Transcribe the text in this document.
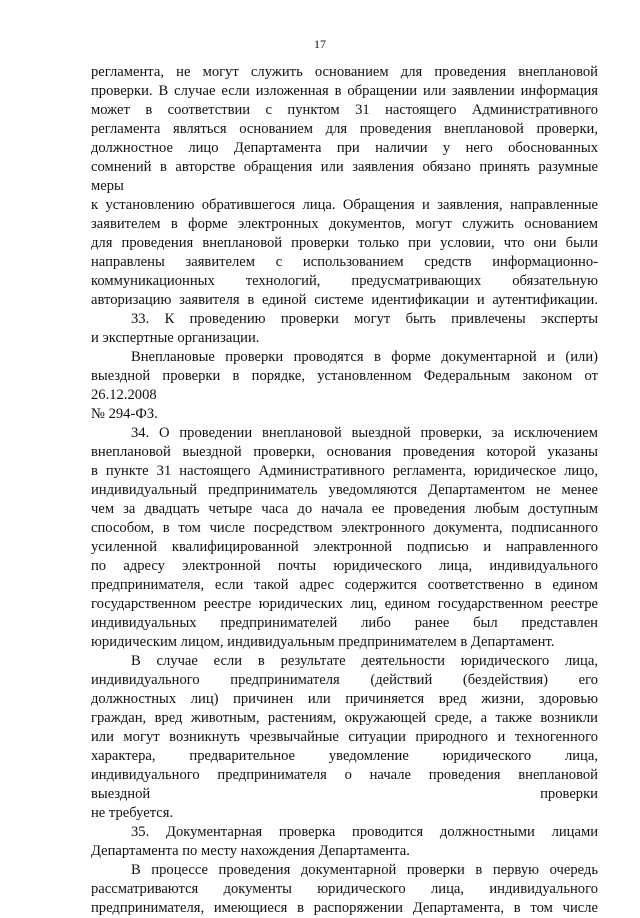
17
регламента, не могут служить основанием для проведения внеплановой
проверки. В случае если изложенная в обращении или заявлении информация
может в соответствии с пунктом 31 настоящего Административного
регламента являться основанием для проведения внеплановой проверки,
должностное лицо Департамента при наличии у него обоснованных
сомнений в авторстве обращения или заявления обязано принять разумные
меры
к установлению обратившегося лица. Обращения и заявления, направленные
заявителем в форме электронных документов, могут служить основанием
для проведения внеплановой проверки только при условии, что они были
направлены заявителем с использованием средств информационно-
коммуникационных технологий, предусматривающих обязательную
авторизацию заявителя в единой системе идентификации и аутентификации.
33. К проведению проверки могут быть привлечены эксперты
и экспертные организации.
Внеплановые проверки проводятся в форме документарной и (или)
выездной проверки в порядке, установленном Федеральным законом от
26.12.2008
№ 294-ФЗ.
34. О проведении внеплановой выездной проверки, за исключением
внеплановой выездной проверки, основания проведения которой указаны
в пункте 31 настоящего Административного регламента, юридическое лицо,
индивидуальный предприниматель уведомляются Департаментом не менее
чем за двадцать четыре часа до начала ее проведения любым доступным
способом, в том числе посредством электронного документа, подписанного
усиленной квалифицированной электронной подписью и направленного
по адресу электронной почты юридического лица, индивидуального
предпринимателя, если такой адрес содержится соответственно в едином
государственном реестре юридических лиц, едином государственном реестре
индивидуальных предпринимателей либо ранее был представлен
юридическим лицом, индивидуальным предпринимателем в Департамент.
В случае если в результате деятельности юридического лица,
индивидуального предпринимателя (действий (бездействия) его
должностных лиц) причинен или причиняется вред жизни, здоровью
граждан, вред животным, растениям, окружающей среде, а также возникли
или могут возникнуть чрезвычайные ситуации природного и техногенного
характера, предварительное уведомление юридического лица,
индивидуального предпринимателя о начале проведения внеплановой
выездной проверки
не требуется.
35. Документарная проверка проводится должностными лицами
Департамента по месту нахождения Департамента.
В процессе проведения документарной проверки в первую очередь
рассматриваются документы юридического лица, индивидуального
предпринимателя, имеющиеся в распоряжении Департамента, в том числе
